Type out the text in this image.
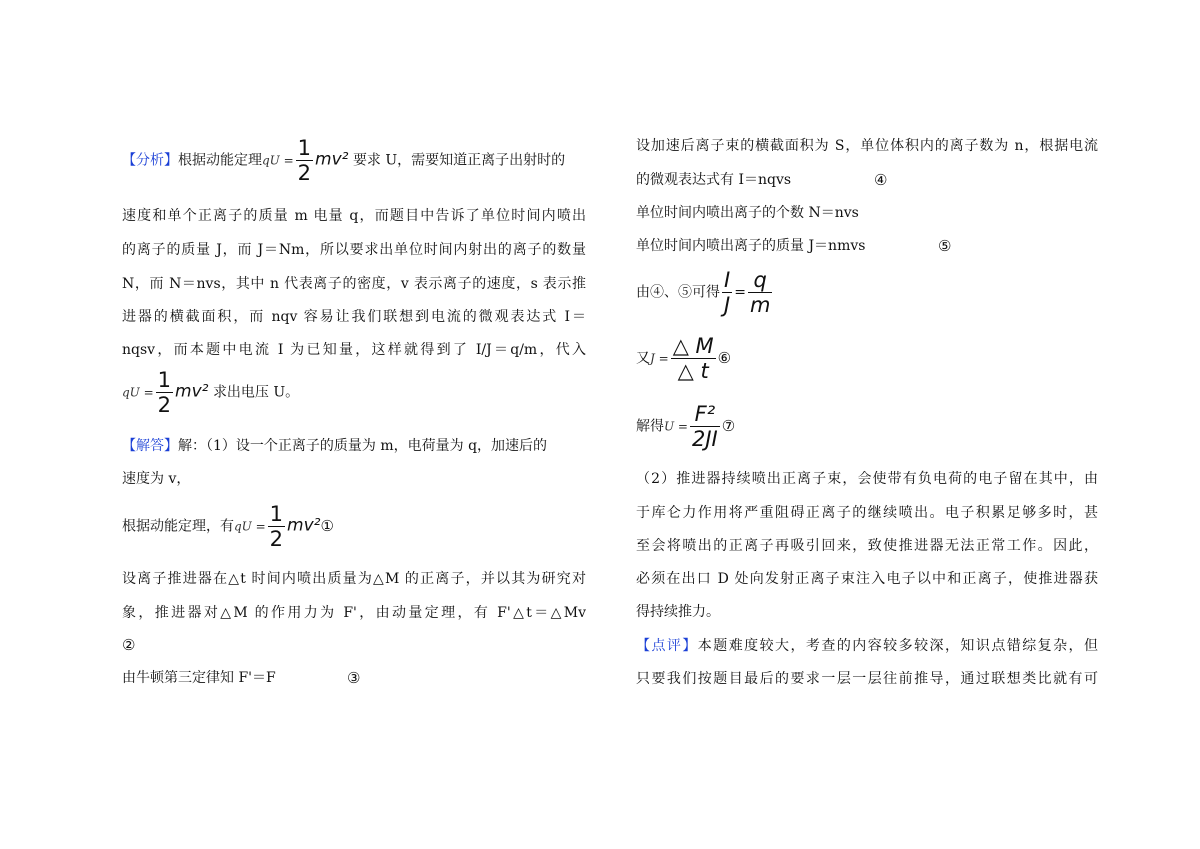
【分析】根据动能定理qU = $\frac{1}{2} mv^2$ 要求 U，需要知道正离子出射时的
速度和单个正离子的质量 m 电量 q，而题目中告诉了单位时间内喷出
的离子的质量 J，而 J＝Nm，所以要求出单位时间内射出的离子的数量
N，而 N＝nvs，其中 n 代表离子的密度，v 表示离子的速度，s 表示推
进器的横截面积，而 nqv 容易让我们联想到电流的微观表达式 I＝
nqsv，而本题中电流 I 为已知量，这样就得到了 I/J＝q/m，代入
qU = $\frac{1}{2} mv^2$ 求出电压 U。
【解答】解：（1）设一个正离子的质量为 m，电荷量为 q，加速后的
速度为 v，
根据动能定理，有qU = $\frac{1}{2}$ mv²①
设离子推进器在△t 时间内喷出质量为△M 的正离子，并以其为研究对
象，推进器对△M 的作用力为 F'，由动量定理，有 F'△t＝△Mv
②
由牛顿第三定律知 F'＝F	③
设加速后离子束的横截面积为 S，单位体积内的离子数为 n，根据电流
的微观表达式有 I＝nqvs	④
单位时间内喷出离子的个数 N＝nvs
单位时间内喷出离子的质量 J＝nmvs	⑤
由④、⑤可得 $\frac{I}{J} = \frac{q}{m}$
又$J = \frac{\triangle M}{\triangle t}$ ⑥
解得$U = \frac{\text{F²}}{2JI}$ ⑦
（2）推进器持续喷出正离子束，会使带有负电荷的电子留在其中，由
于库仑力作用将严重阻碍正离子的继续喷出。电子积累足够多时，甚
至会将喷出的正离子再吸引回来，致使推进器无法正常工作。因此，
必须在出口 D 处向发射正离子束注入电子以中和正离子，使推进器获
得持续推力。
【点评】本题难度较大，考查的内容较多较深，知识点错综复杂，但
只要我们按题目最后的要求一层一层往前推导，通过联想类比就有可
